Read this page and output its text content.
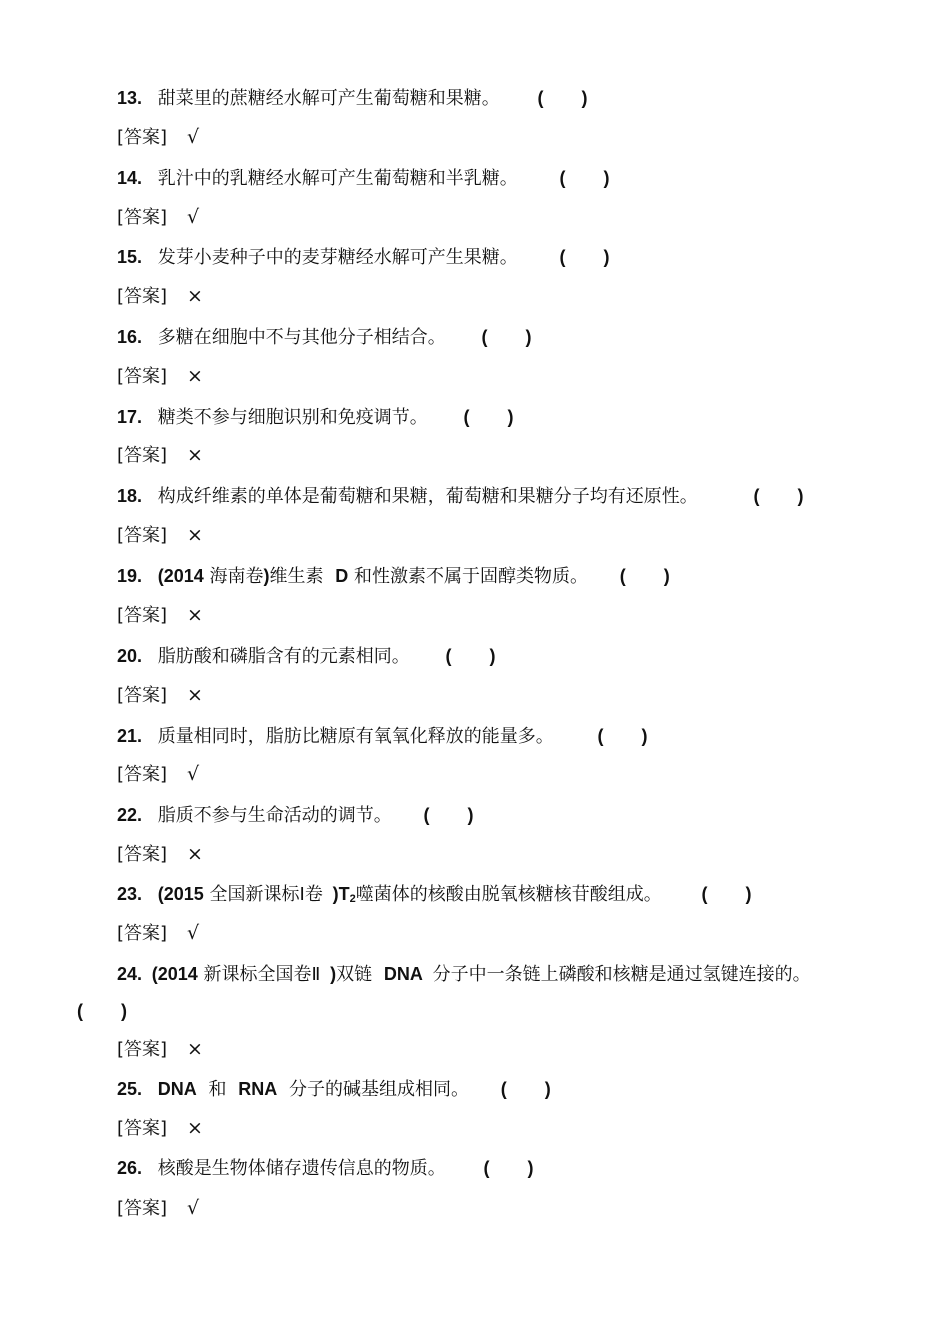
13. 甜菜里的蔗糖经水解可产生葡萄糖和果糖。 ( )
[答案] √
14. 乳汁中的乳糖经水解可产生葡萄糖和半乳糖。 ( )
[答案] √
15. 发芽小麦种子中的麦芽糖经水解可产生果糖。 ( )
[答案] ×
16. 多糖在细胞中不与其他分子相结合。 ( )
[答案] ×
17. 糖类不参与细胞识别和免疫调节。 ( )
[答案] ×
18. 构成纤维素的单体是葡萄糖和果糖，葡萄糖和果糖分子均有还原性。	( )
[答案] ×
19. (2014 海南卷)维生素 D 和性激素不属于固醇类物质。 ( )
[答案] ×
20. 脂肪酸和磷脂含有的元素相同。 ( )
[答案] ×
21. 质量相同时，脂肪比糖原有氧氧化释放的能量多。 ( )
[答案] √
22. 脂质不参与生命活动的调节。 ( )
[答案] ×
23. (2015 全国新课标Ⅰ卷 )T2噬菌体的核酸由脱氧核糖核苷酸组成。 ( )
[答案] √
24. (2014 新课标全国卷Ⅱ )双链 DNA 分子中一条链上磷酸和核糖是通过氢键连接的。
( )
[答案] ×
25. DNA 和 RNA 分子的碱基组成相同。 ( )
[答案] ×
26. 核酸是生物体储存遗传信息的物质。 ( )
[答案] √
